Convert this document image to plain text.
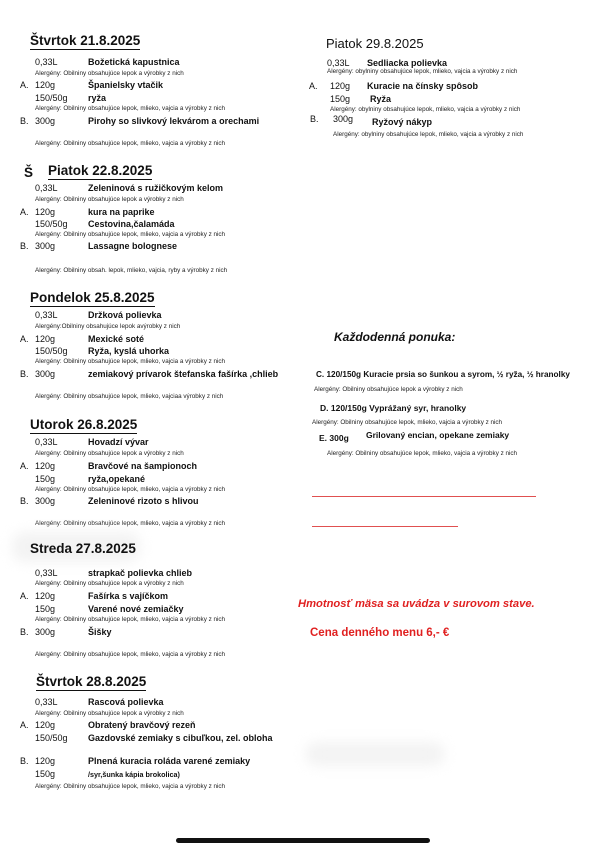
Štvrtok 21.8.2025
0,33L	Božetická kapustnica
Alergény: Obilniny obsahujúce lepok a výrobky z nich
A. 120g	Španielsky vtačik
150/50g ryža
Alergény: Obilniny obsahujúce lepok, mlieko, vajcia a výrobky z nich
B. 300g	Pirohy so slivkový lekvárom a orechami
Alergény: Obilniny obsahujúce lepok, mlieko, vajcia a výrobky z nich
Š Piatok 22.8.2025
0,33L	Zeleninová s ružičkovým kelom
Alergény: Obilniny obsahujúce lepok a výrobky z nich
A. 120g	kura na paprike
150/50g Cestovina,čalamáda
Alergény: Obilniny obsahujúce lepok, mlieko, vajcia a výrobky z nich
B. 300g	Lassagne bolognese
Alergény: Obilniny obsah. lepok, mlieko, vajcia, ryby a výrobky z nich
Pondelok 25.8.2025
0,33L	Držková polievka
Alergény:Obilniny obsahujúce lepok avýrobky z nich
A. 120g	Mexické soté
150/50g Ryža, kyslá uhorka
Alergény: Obilniny obsahujúce lepok, mlieko, vajcia a výrobky z nich
B. 300g	zemiakový prívarok štefanska fašírka ,chlieb
Alergény: Obilniny obsahujúce lepok, mlieko, vajciaa výrobky z nich
Utorok 26.8.2025
0,33L	Hovadzí vývar
Alergény: Obilniny obsahujúce lepok a výrobky z nich
A. 120g	Bravčové na šampionoch
150g	ryža,opekané
Alergény: Obilniny obsahujúce lepok, mlieko, vajcia a výrobky z nich
B. 300g	Zeleninové rizoto s hlivou
Alergény: Obilniny obsahujúce lepok, mlieko, vajcia a výrobky z nich
Streda 27.8.2025
0,33L	strapkač polievka chlieb
Alergény: Obilniny obsahujúce lepok a výrobky z nich
A. 120g	Fašírka s vajíčkom
150g	Varené nové zemiačky
Alergény: Obilniny obsahujúce lepok, mlieko, vajcia a výrobky z nich
B. 300g	Šišky
Alergény: Obilniny obsahujúce lepok, mlieko, vajcia a výrobky z nich
Štvrtok 28.8.2025
0,33L	Rascová polievka
Alergény: Obilniny obsahujúce lepok a výrobky z nich
A. 120g	Obratený bravčový rezeň
150/50g Gazdovské zemiaky s cibuľkou, zel. obloha
B. 120g	Plnená kuracia roláda varené zemiaky
150g	/syr,šunka kápia brokolica)
Alergény: Obilniny obsahujúce lepok, mlieko, vajcia a výrobky z nich
Piatok 29.8.2025
0,33L Sedliacka polievka
Alergény: obylniny obsahujúce lepok, mlieko, vajcia a výrobky z nich
A. 120g Kuracie na čínsky spôsob
150g Ryža
Alergény: obylniny obsahujúce lepok, mlieko, vajcia a výrobky z nich
B. 300g Ryžový nákyp
Alergény: obylniny obsahujúce lepok, mlieko, vajcia a výrobky z nich
Každodenná ponuka:
C. 120/150g Kuracie prsia so šunkou a syrom, ½ ryža, ½ hranolky
Alergény: Obilniny obsahujúce lepok a výrobky z nich
D. 120/150g Vyprážaný syr, hranolky
Alergény: Obilniny obsahujúce lepok, mlieko, vajcia a výrobky z nich
E. 300g Grilovaný encian, opekane zemiaky
Alergény: Obilniny obsahujúce lepok, mlieko, vajcia a výrobky z nich
Hmotnosť mäsa sa uvádza v surovom stave.
Cena denného menu 6,- €
